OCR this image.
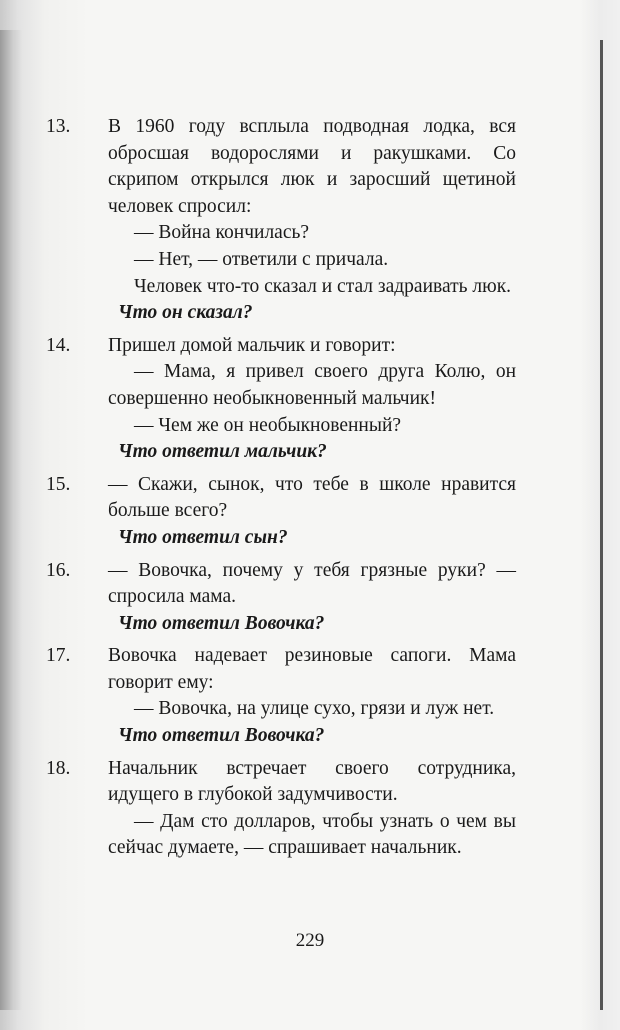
13.	В 1960 году всплыла подводная лодка, вся обросшая водорослями и ракушками. Со скрипом открылся люк и заросший щетиной человек спросил:

— Война кончилась?

— Нет, — ответили с причала.

Человек что-то сказал и стал задраивать люк.

Что он сказал?

14.	Пришел домой мальчик и говорит:

— Мама, я привел своего друга Колю, он совершенно необыкновенный мальчик!

— Чем же он необыкновенный?

Что ответил мальчик?

15.	— Скажи, сынок, что тебе в школе нравится больше всего?

Что ответил сын?

16.	— Вовочка, почему у тебя грязные руки? — спросила мама.

Что ответил Вовочка?

17.	Вовочка надевает резиновые сапоги. Мама говорит ему:

— Вовочка, на улице сухо, грязи и луж нет.

Что ответил Вовочка?

18.	Начальник встречает своего сотрудника, идущего в глубокой задумчивости.

— Дам сто долларов, чтобы узнать о чем вы сейчас думаете, — спрашивает начальник.

229
